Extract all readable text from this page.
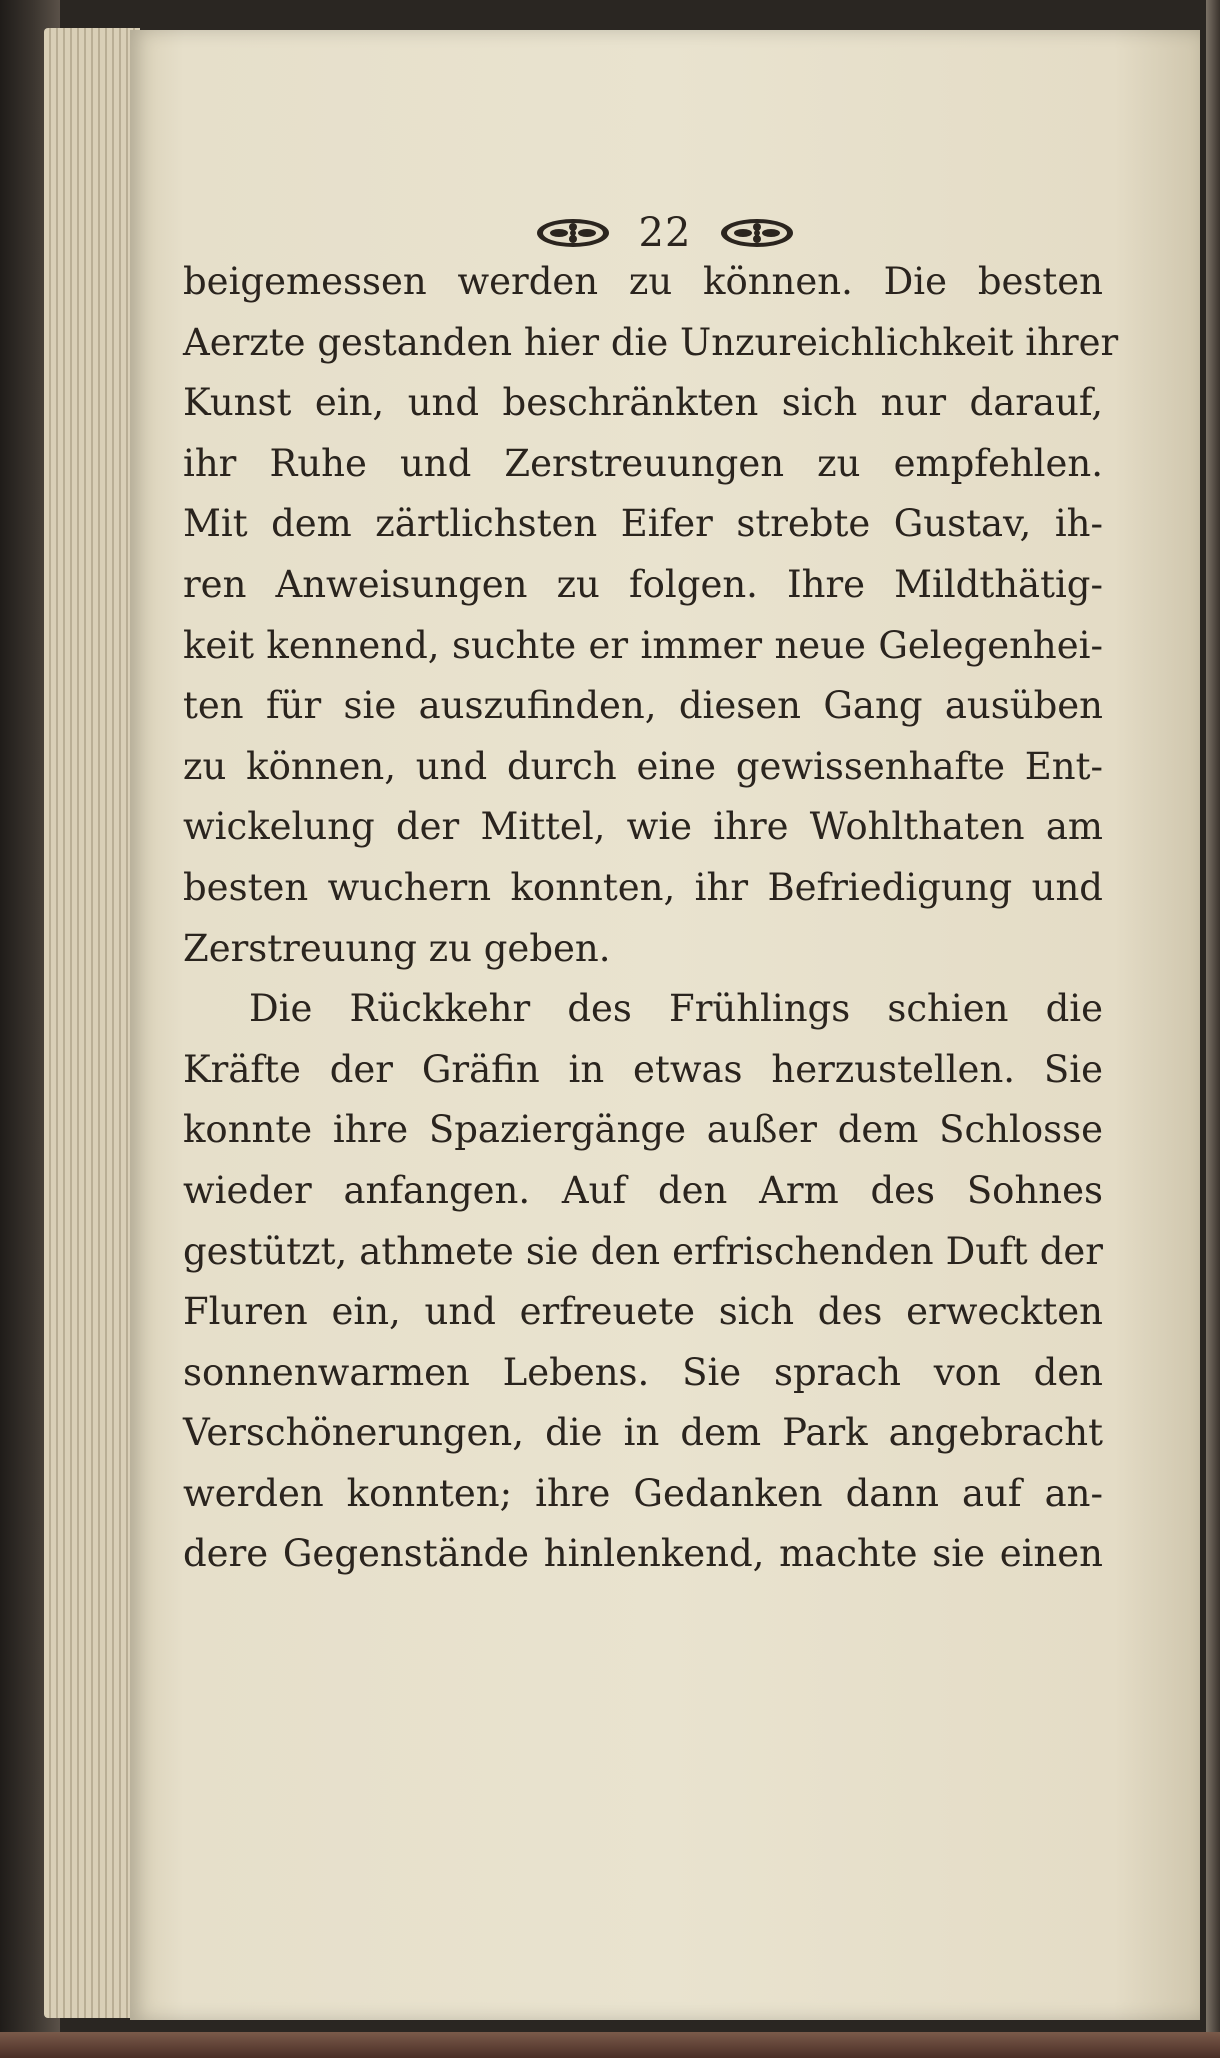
22
beigemessen werden zu können. Die besten
Aerzte gestanden hier die Unzureichlichkeit ihrer
Kunst ein, und beschränkten sich nur darauf,
ihr Ruhe und Zerstreuungen zu empfehlen.
Mit dem zärtlichsten Eifer strebte Gustav, ih-
ren Anweisungen zu folgen. Ihre Mildthätig-
keit kennend, suchte er immer neue Gelegenhei-
ten für sie auszufinden, diesen Gang ausüben
zu können, und durch eine gewissenhafte Ent-
wickelung der Mittel, wie ihre Wohlthaten am
besten wuchern konnten, ihr Befriedigung und
Zerstreuung zu geben.
Die Rückkehr des Frühlings schien die
Kräfte der Gräfin in etwas herzustellen. Sie
konnte ihre Spaziergänge außer dem Schlosse
wieder anfangen. Auf den Arm des Sohnes
gestützt, athmete sie den erfrischenden Duft der
Fluren ein, und erfreuete sich des erweckten
sonnenwarmen Lebens. Sie sprach von den
Verschönerungen, die in dem Park angebracht
werden konnten; ihre Gedanken dann auf an-
dere Gegenstände hinlenkend, machte sie einen
